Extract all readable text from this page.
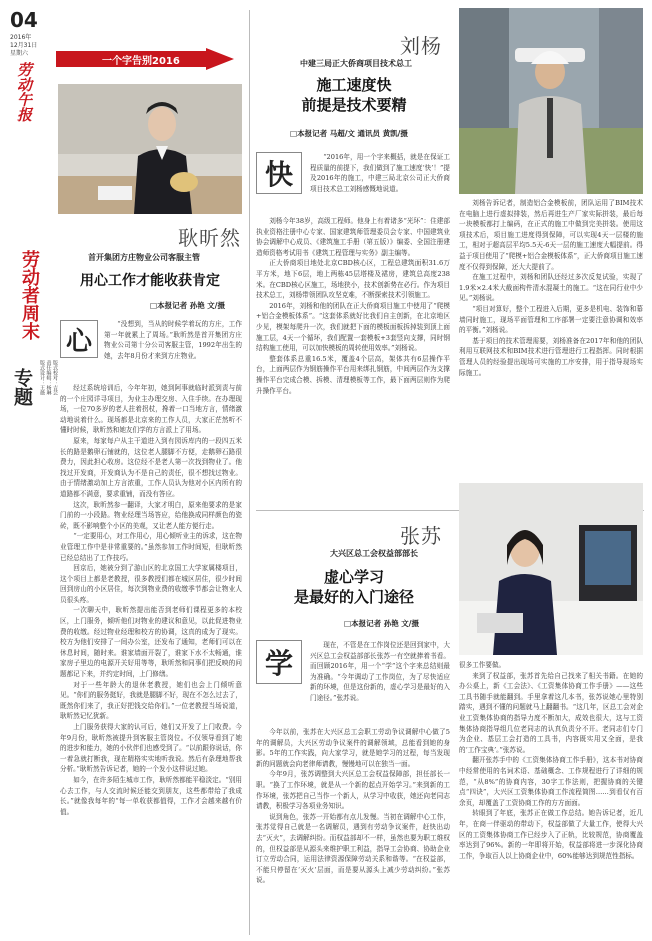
04
2016年
12月31日
星期六
劳动午报
劳动者周末
专题	版式校对：吉芸
责任编辑：杨琳
版式设计：王薇
一个字告别2016
耿昕然
首开集团方庄物业公司客服主管
用心工作才能收获肯定
□本报记者 孙艳 文/摄
心
“没想到，当从的时候学着玩的方庄，工作第一年就累上了周场。”耿昕然是首开集团方庄物业公司第十分公司客服主管，1992年出生的她，去年8月份才来到方庄物业。

经过系统培训后，今年年初，她到阿事就临时派到责与前的一个庄园详寻项目，为业主办理交房、入住手续。在办理现场，一位70多岁的老人拄着拐杖，搀着一口当地方言，情绪激动地说着什么。现场都是北京来的工作人员，大家正茫然听不懂时时候，耿昕然和她友们学的方言派上了用场。

原来，每家每户从主干道进入到有园诉库内的一段四五米长的路是鹅卵石铺就的，这位老人腿脚不方便，走鹅卵石路很费力，因此担心收房。这位经不是老人第一次找到物业了。他找过开发商，开发商认为不是自己的责任，很不想找过物业。由于情绪激动加上方言浓重，工作人员认为他对小区内所有的道路都不满意，要求重铺，而没有答应。

这次，耿昕然参一翻译，大家才明白，原来他要求的是家门前的一小段路。物业经理当场答应，给他换成同样颜色的瓷砖，既不影响整个小区的美观，又让老人能方便行走。

“一定要用心，对工作用心，用心倾听业主的诉求，这在物业管理工作中是非常重要的。”虽然参加工作时间短，但耿昕然已经总结出了工作技巧。

回京后，她被分到了游山区的北京国工大学家属楼项目，这个项目上都是老教授，很多教授们都在城区居住，很少时间回到房山的小区居住，每次到物业费的收缴季节都会让物业人员很头疼。

一次聊天中，耿昕然提出能否到老师们课程更多的本校区，上门服务，倾听他们对物业的建议和意见，以此促进物业费的收缴。经过物业经理和校方的协调，这真的成为了现实。校方为他们安排了一间办公室，还发布了通知，老师们可以在休息时间，随时来。谁家墙面开裂了，谁家下水不太畅通，谁家房子里边的电源开关好用等等，耿昕然和同事们把反映的问题都记下来，并约定时间，上门修缮。

对于一些年龄大的退休老教授，她们也会上门倾听意见。“你们的服务挺好，我就是腿脚不好，现在不怎么过去了，既然你们来了，我正好把钱交给你们。”一位老教授当场说道，耿昕然记忆犹新。

上门服务获得大家的认可后，她们又开发了上门收费。今年9月份，耿昕然被提升到客服主管岗位。不仅领导看到了她的进步和能力，她的小伙伴们也感受到了。“以前跟你说话，你一着急就打断我，现在精格实实地听我说。然后有条理地帮我分析。”耿昕然告诉记者，她的一个发小这样说过她。

如今，在许多陌生城市工作，耿昕然都能平稳淡定。“别用心去工作，与人交流时候还能交到朋友，这些都带给了我成长。”就像我每年的“每一单收获都值得，工作才会越来越有价值。

刘杨
中建三局正大侨商项目技术总工
施工速度快
前提是技术要精
□本报记者 马超/文 通讯员 黄凯/摄
快
“2016年，用一个字来概括，就是在保证工程质量的前提下，我们做到了施工速度‘快’！”提及2016年的施工，中建三局北京公司正大侨商项目技术总工刘杨感慨地说道。

刘杨今年38岁，高级工程师。他身上有着诸多“光环”：住建部执业资格注册中心专家、国家建筑师管理委员会专家、中国建筑业协会调解中心成员、《建筑施工手册（第五版）》编委、全国注册建造师资格考试用书《建筑工程管理与实务》副主编等。

正大侨商项目地处北京CBD核心区，工程总建筑面积31.6万平方米，地下6层，地上两栋45层塔楼及裙房，建筑总高度238米。在CBD核心区施工，场地狭小，技术创新势在必行。作为项目技术总工，刘杨带领团队攻坚克难，不断探索技术引领施工。

2016年，刘杨和他的团队在正大侨商项目施工中使用了“爬模+铝合金模板体系”。“这套体系就好比我们自主创新，在北京地区少见，模架每爬升一次，我们就把下面的模板面板拆掉装到顶上面施工层，4天一个循环，我们配置一套模板+3套竖向支撑，同时钢结构施工使用，可以加快模板的周转使用效率。”刘杨说。

整套体系总重16.5米，覆盖4个层高，架体共有6层操作平台，上面两层作为钢筋操作平台用来绑扎钢筋，中间两层作为支撑操作平台完成合模、拆模、清理模板等工作，最下面两层则作为爬升操作平台。

刘杨告诉记者，制造铝合金模板前，团队运用了BIM技术在电脑上进行虚拟排装，然后再进生产厂家实际拼装，最后每一块模板都打上编码，在正式的施工中做到完美拼装。使用这项技术后，项目施工进度得到保障，可以实现4天一层楼的施工，相对于超高层平均5.5天-6天一层的施工速度大幅提前。得益于项目使用了“爬模+铝合金模板体系”，正大侨商项目施工速度不仅得到保障，还大大提前了。

在施工过程中，刘杨和团队还经过多次反复试验，实现了1.9米×2.4米大截面构件清水混凝土的施工。“这在同行业中少见。”刘杨说。

“项目对算好，整个工程进入后期，更多是机电、装饰和幕墙同时施工，现场平面管理和工序部署一定要注意协调和效率的平衡。”刘杨说。

基于项目的技术管理需要，刘杨准备在2017年和他的团队利用互联网技术和BIM技术进行管理进行工程指挥。同时根据管理人员的经验提出现场可实施的工序安排，用于指导现场实际施工。

张苏
大兴区总工会权益部部长
虚心学习
是最好的入门途径
□本报记者 孙艳 文/摄
学
现在，不管是在工作岗位还是回到家中，大兴区总工会权益部部长张苏一有空就捧着书看。而回顾2016年，用一个“学”这个字来总结则最为准确。“今年调动了工作岗位，为了尽快适应新的环境，但是这份新的，虚心学习是最好的入门途径。”张苏说。

今年以前，张苏在大兴区总工会职工劳动争议调解中心做了5年的调解员，大兴区劳动争议案件的调解领域，总能看到她的身影。5年的工作实践，向大家学习，就是她学习的过程，每当发现新的问题就会向老律师请教，慢慢地可以在独当一面。

今年9月，张苏调整到大兴区总工会权益保障部，担任部长一职。“换了工作环境，就是从一个新的起点开始学习。”来到新的工作环境，张苏把自己当作一个新人，从学习中收获，她还向老同志请教，积极学习各项业务知识。

说到角色，张苏一开始都有点儿发慢。当初在调解中心工作，张苏觉得自己就是一名调解员，遇到有劳动争议案件，赶快出动去“灭火”，去调解纠纷。而权益部却不一样，虽然也要为职工维权的，但权益部是从源头来维护职工利益，指导工会协商、协助企业订立劳动合同，运用法律资源保障劳动关系和谐等。“在权益部，不能只停留在‘灭火’层面，而是要从源头上减少劳动纠纷。”张苏说。

很多工作要做。

来到了权益部，张苏首先给自己找来了相关书籍。在她的办公桌上，新《工会法》、《工资集体协商工作手册》——这些工具书随手就能翻到。手里拿着这几本书，张苏说她心里特别踏实，遇到不懂的问题就马上翻翻书。“这几年，区总工会对企业工资集体协商的指导力度不断加大，成效也很大，这与工资集体协商指导组几位老同志的认真负责分不开。老同志们专门为企业、基层工会打造的工具书，内容既实用又全面，是我的‘工作宝典’。”张苏说。

翻开张苏手中的《工资集体协商工作手册》，这本书对协商中经常使用的名词术语、基础概念、工作规程进行了详细的规范，“从8%”的协商内容，30字工作法则，把握协商的关键点“四诀”，大兴区工资集体协商工作流程简图……到看仅有百余页，却覆盖了工资协商工作的方方面面。

转眼到了年底，张苏正在做工作总结。她告诉记者，近几年，在商一伴驱动的带动下，权益部做了大量工作，使得大兴区的工资集体协商工作已经步入了正轨，比较规范，协商覆盖率达到了96%。新的一年即将开始，权益部将进一步深化协商工作，争取百人以上协商企业中，60%能够达到规范性指标。
